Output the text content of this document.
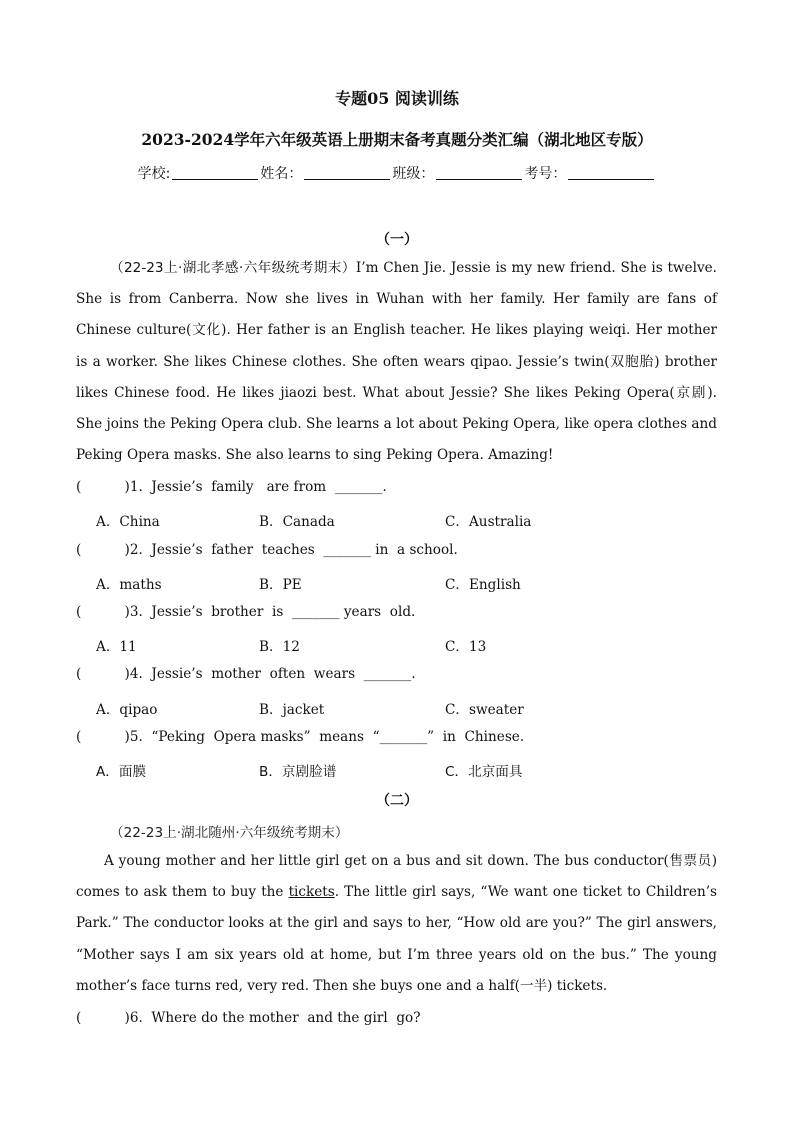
专题05 阅读训练
2023-2024学年六年级英语上册期末备考真题分类汇编（湖北地区专版）
学校:	姓名：	班级：	考号：
（一）
（22-23上·湖北孝感·六年级统考期末）I’m Chen Jie. Jessie is my new friend. She is twelve. She is from Canberra. Now she lives in Wuhan with her family. Her family are fans of Chinese culture(文化). Her father is an English teacher. He likes playing weiqi. Her mother is a worker. She likes Chinese clothes. She often wears qipao. Jessie’s twin(双胞胎) brother likes Chinese food. He likes jiaozi best. What about Jessie? She likes Peking Opera(京剧). She joins the Peking Opera club. She learns a lot about Peking Opera, like opera clothes and Peking Opera masks. She also learns to sing Peking Opera. Amazing!
(          )1.  Jessie’s  family   are from  _______.
A．China	B．Canada	C．Australia
(          )2.  Jessie’s  father  teaches  _______ in  a school.
A．maths	B．PE	C．English
(          )3.  Jessie’s  brother  is  _______ years  old.
A．11	B．12	C．13
(          )4.  Jessie’s  mother  often  wears  _______.
A．qipao	B．jacket	C．sweater
(          )5.  “Peking  Opera masks”  means  “_______”  in  Chinese.
A．面膜	B．京剧脸谱	C．北京面具
（二）
（22-23上·湖北随州·六年级统考期末）
A young mother and her little girl get on a bus and sit down. The bus conductor(售票员) comes to ask them to buy the tickets. The little girl says, “We want one ticket to Children’s Park.” The conductor looks at the girl and says to her, “How old are you?” The girl answers, “Mother says I am six years old at home, but I’m three years old on the bus.” The young mother’s face turns red, very red. Then she buys one and a half(一半) tickets.
(          )6.  Where do the mother  and the girl  go?
